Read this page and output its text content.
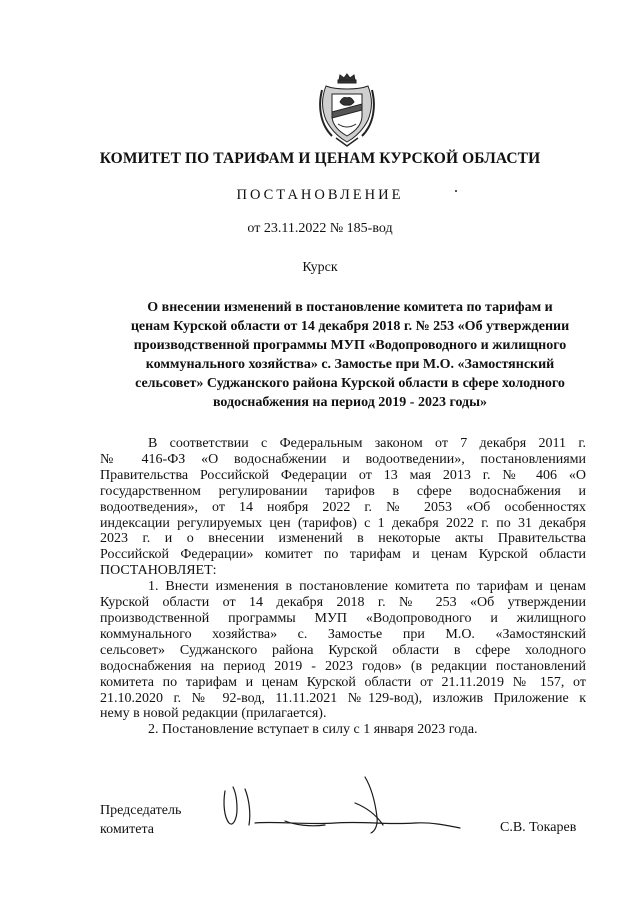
КОМИТЕТ ПО ТАРИФАМ И ЦЕНАМ КУРСКОЙ ОБЛАСТИ
ПОСТАНОВЛЕНИЕ
от 23.11.2022 № 185-вод
Курск
О внесении изменений в постановление комитета по тарифам и
ценам Курской области от 14 декабря 2018 г. № 253 «Об утверждении
производственной программы МУП «Водопроводного и жилищного
коммунального хозяйства» с. Замостье при М.О. «Замостянский
сельсовет» Суджанского района Курской области в сфере холодного
водоснабжения на период 2019 - 2023 годы»
В соответствии с Федеральным законом от 7 декабря 2011 г.
№ 416-ФЗ «О водоснабжении и водоотведении», постановлениями
Правительства Российской Федерации от 13 мая 2013 г. № 406 «О
государственном регулировании тарифов в сфере водоснабжения и
водоотведения», от 14 ноября 2022 г. № 2053 «Об особенностях
индексации регулируемых цен (тарифов) с 1 декабря 2022 г. по 31 декабря
2023 г. и о внесении изменений в некоторые акты Правительства
Российской Федерации» комитет по тарифам и ценам Курской области
ПОСТАНОВЛЯЕТ:
1. Внести изменения в постановление комитета по тарифам и ценам
Курской области от 14 декабря 2018 г. № 253 «Об утверждении
производственной программы МУП «Водопроводного и жилищного
коммунального хозяйства» с. Замостье при М.О. «Замостянский
сельсовет» Суджанского района Курской области в сфере холодного
водоснабжения на период 2019 - 2023 годов» (в редакции постановлений
комитета по тарифам и ценам Курской области от 21.11.2019 № 157, от
21.10.2020 г. № 92-вод, 11.11.2021 №129-вод), изложив Приложение к
нему в новой редакции (прилагается).
2. Постановление вступает в силу с 1 января 2023 года.
Председатель
комитета	С.В. Токарев
